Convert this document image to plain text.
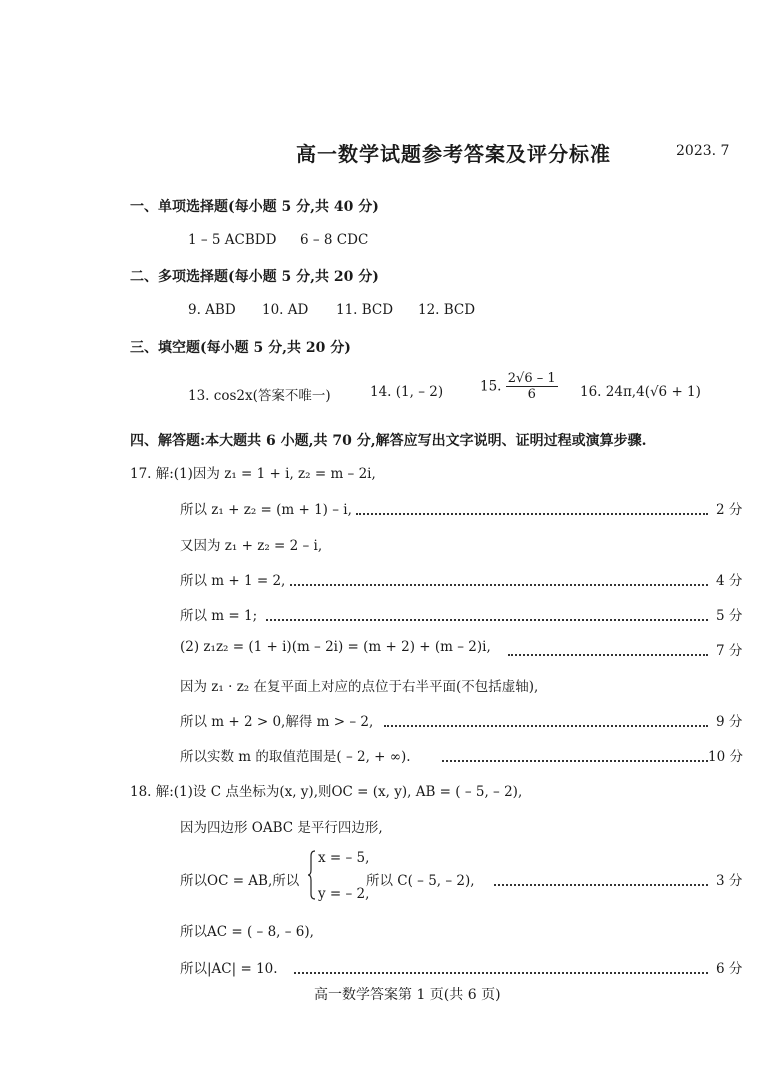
高一数学试题参考答案及评分标准	2023. 7
一、单项选择题(每小题 5 分,共 40 分)
1 – 5 ACBDD 6 – 8 CDC
二、多项选择题(每小题 5 分,共 20 分)
9. ABD 10. AD 11. BCD 12. BCD
三、填空题(每小题 5 分,共 20 分)
13. cos2x(答案不唯一)	14. (1, – 2)	15. $\frac{2√6 - 1}{6} 16$. 24π,4(√6 + 1)
四、解答题:本大题共 6 小题,共 70 分,解答应写出文字说明、证明过程或演算步骤.
17. 解:(1)因为 z₁ = 1 + i, z₂ = m – 2i,
所以 z₁ + z₂ = (m + 1) – i,	2 分
又因为 z₁ + z₂ = 2 – i,
所以 m + 1 = 2,	4 分
所以 m = 1;	5 分
(2) z₁z₂ = (1 + i)(m – 2i) = (m + 2) + (m – 2)i,	7 分
因为 z₁ · z₂ 在复平面上对应的点位于右半平面(不包括虚轴),
所以 m + 2 > 0,解得 m > – 2,	9 分
所以实数 m 的取值范围是( – 2, + ∞).	10 分
18. 解:(1)设 C 点坐标为(x, y),则OC = (x, y), AB = ( – 5, – 2),
因为四边形 OABC 是平行四边形,
所以OC = AB,所以
x = – 5,
y = – 2,
所以 C( – 5, – 2),	3 分
所以AC = ( – 8, – 6),
所以|AC| = 10.	6 分
高一数学答案第 1 页(共 6 页)
